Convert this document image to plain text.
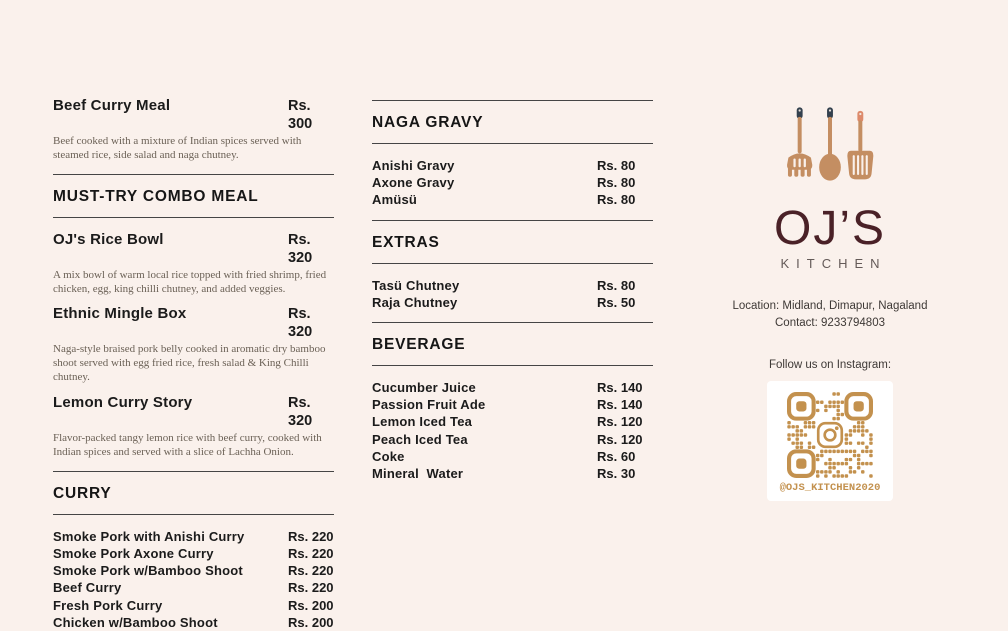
Beef Curry Meal	Rs. 300
Beef cooked with a mixture of Indian spices served with steamed rice, side salad and naga chutney.
MUST-TRY COMBO MEAL
OJ's Rice Bowl	Rs. 320
A mix bowl of warm local rice topped with fried shrimp, fried chicken, egg, king chilli chutney, and added veggies.
Ethnic Mingle Box	Rs. 320
Naga-style braised pork belly cooked in aromatic dry bamboo shoot served with egg fried rice, fresh salad & King Chilli chutney.
Lemon Curry Story	Rs. 320
Flavor-packed tangy lemon rice with beef curry, cooked with Indian spices and served with a slice of Lachha Onion.
CURRY
Smoke Pork with Anishi Curry	Rs. 220
Smoke Pork Axone Curry	Rs. 220
Smoke Pork w/Bamboo Shoot	Rs. 220
Beef Curry	Rs. 220
Fresh Pork Curry	Rs. 200
Chicken w/Bamboo Shoot	Rs. 200
NAGA GRAVY
Anishi Gravy	Rs. 80
Axone Gravy	Rs. 80
Amüsü	Rs. 80
EXTRAS
Tasü Chutney	Rs. 80
Raja Chutney	Rs. 50
BEVERAGE
Cucumber Juice	Rs. 140
Passion Fruit Ade	Rs. 140
Lemon Iced Tea	Rs. 120
Peach Iced Tea	Rs. 120
Coke	Rs. 60
Mineral  Water	Rs. 30
OJ’S
KITCHEN
Location: Midland, Dimapur, Nagaland
Contact: 9233794803
Follow us on Instagram:
@OJS_KITCHEN2020
